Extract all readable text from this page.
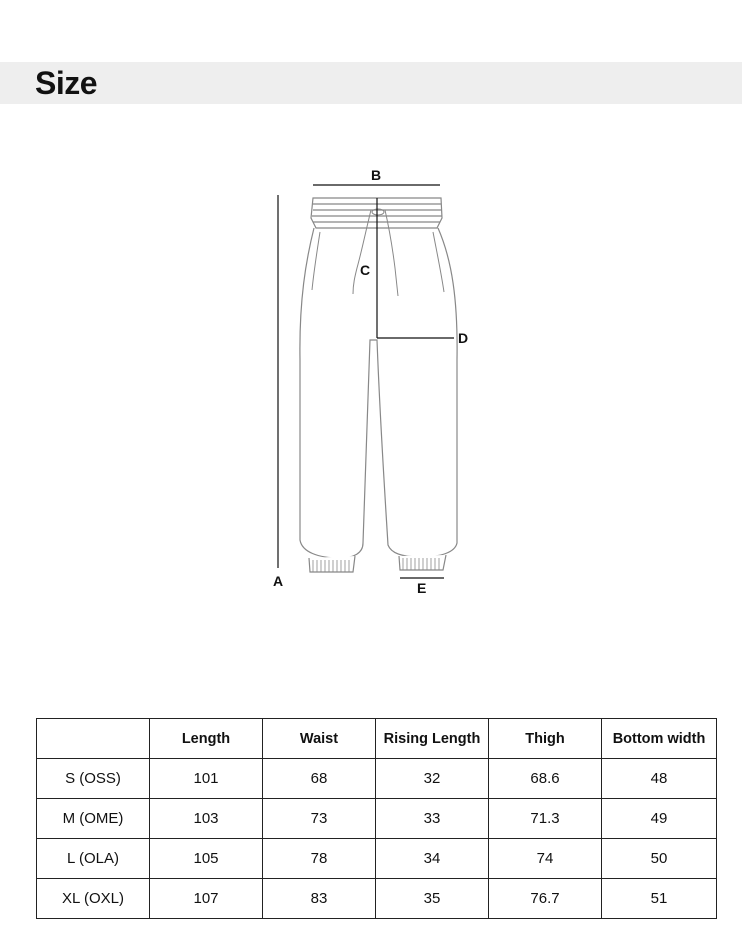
Size
A
B
C
D
E
	Length	Waist	Rising Length	Thigh	Bottom width
S (OSS)	101	68	32	68.6	48
M (OME)	103	73	33	71.3	49
L (OLA)	105	78	34	74	50
XL (OXL)	107	83	35	76.7	51
